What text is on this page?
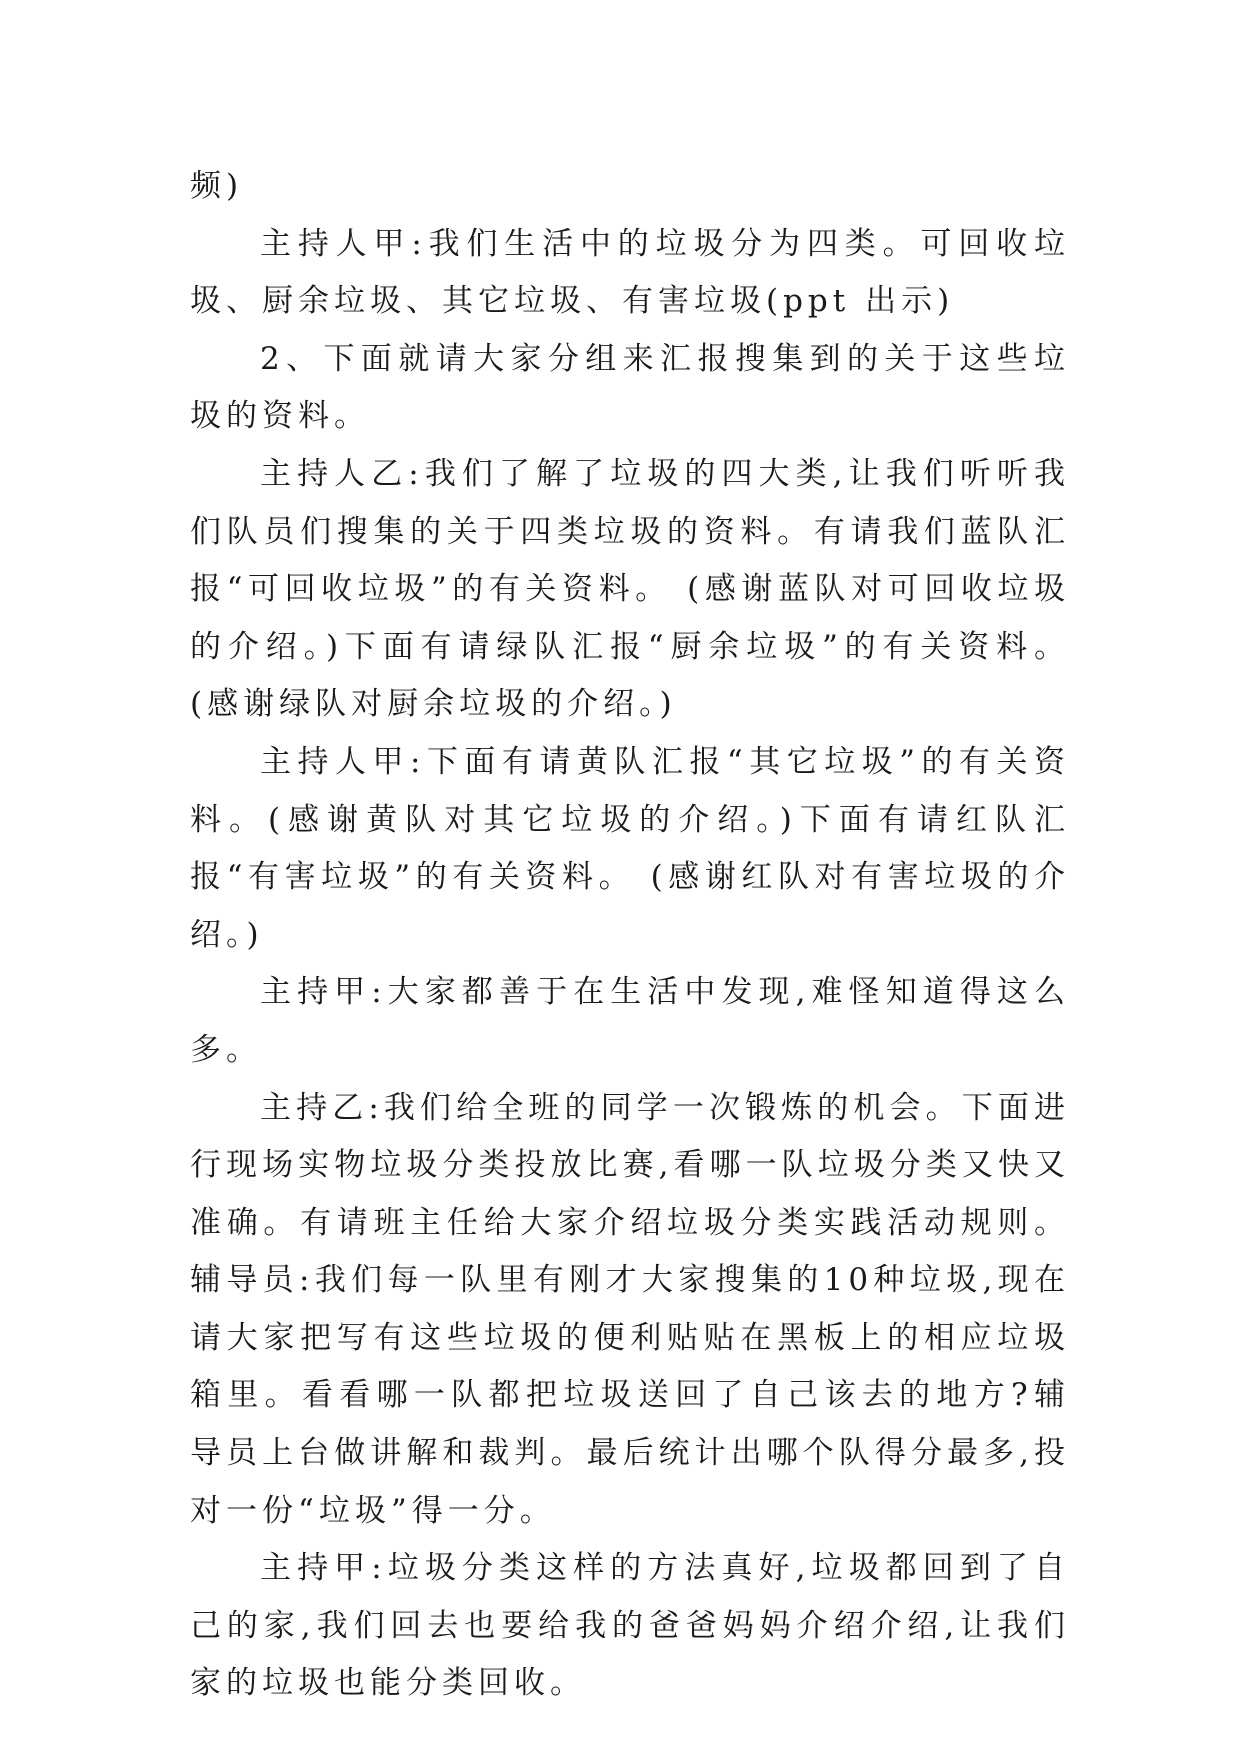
频)

主持人甲:我们生活中的垃圾分为四类。可回收垃圾、厨余垃圾、其它垃圾、有害垃圾(ppt 出示)

2、下面就请大家分组来汇报搜集到的关于这些垃圾的资料。

主持人乙:我们了解了垃圾的四大类,让我们听听我们队员们搜集的关于四类垃圾的资料。有请我们蓝队汇报“可回收垃圾”的有关资料。 (感谢蓝队对可回收垃圾的介绍。)下面有请绿队汇报“厨余垃圾”的有关资料。 (感谢绿队对厨余垃圾的介绍。)

主持人甲:下面有请黄队汇报“其它垃圾”的有关资料。(感谢黄队对其它垃圾的介绍。)下面有请红队汇报“有害垃圾”的有关资料。 (感谢红队对有害垃圾的介绍。)

主持甲:大家都善于在生活中发现,难怪知道得这么多。

主持乙:我们给全班的同学一次锻炼的机会。下面进行现场实物垃圾分类投放比赛,看哪一队垃圾分类又快又准确。有请班主任给大家介绍垃圾分类实践活动规则。辅导员:我们每一队里有刚才大家搜集的10种垃圾,现在请大家把写有这些垃圾的便利贴贴在黑板上的相应垃圾箱里。看看哪一队都把垃圾送回了自己该去的地方?辅导员上台做讲解和裁判。最后统计出哪个队得分最多,投对一份“垃圾”得一分。

主持甲:垃圾分类这样的方法真好,垃圾都回到了自己的家,我们回去也要给我的爸爸妈妈介绍介绍,让我们家的垃圾也能分类回收。
